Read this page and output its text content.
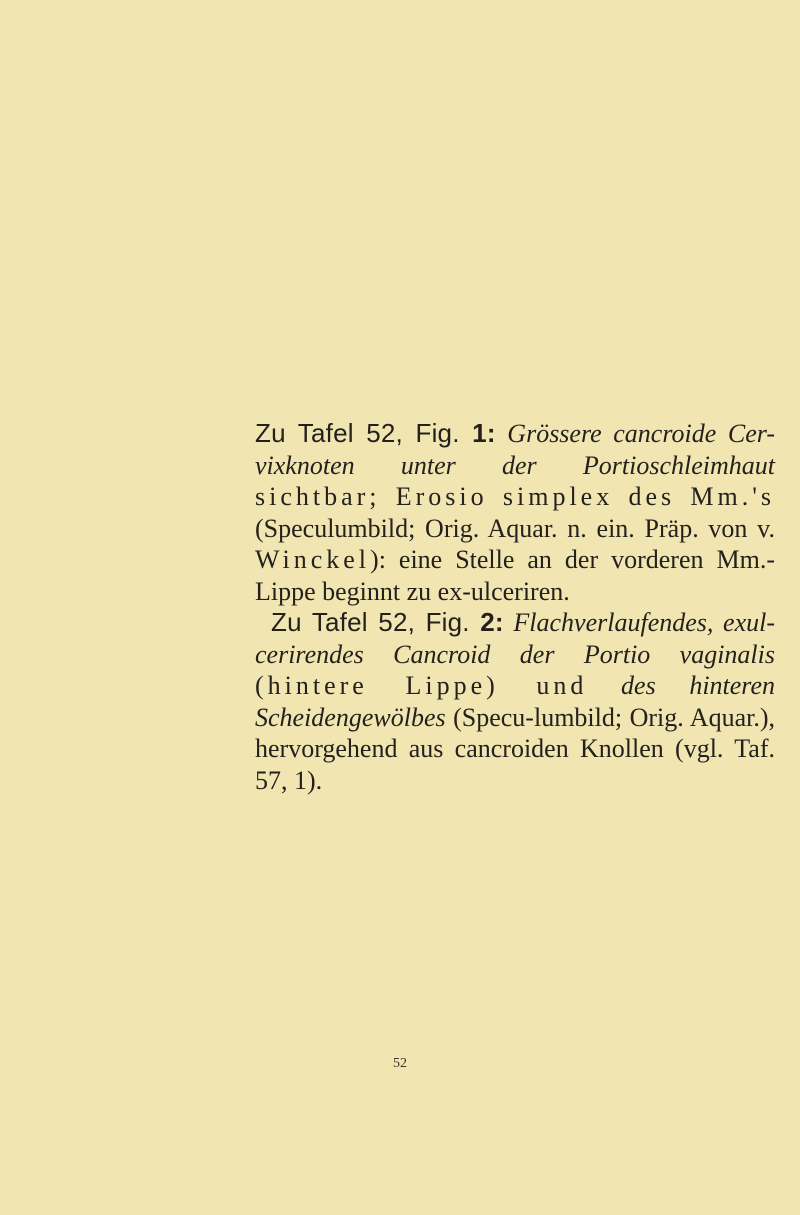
Zu Tafel 52, Fig. 1: Grössere cancroide Cer-vixknoten unter der Portioschleimhaut sichtbar; Erosio simplex des Mm.'s (Speculumbild; Orig. Aquar. n. ein. Präp. von v. Winckel): eine Stelle an der vorderen Mm.-Lippe beginnt zu ex-ulceriren.

Zu Tafel 52, Fig. 2: Flachverlaufendes, exul-cerirendes Cancroid der Portio vaginalis (hintere Lippe) und des hinteren Scheidengewölbes (Specu-lumbild; Orig. Aquar.), hervorgehend aus cancroiden Knollen (vgl. Taf. 57, 1).

52
